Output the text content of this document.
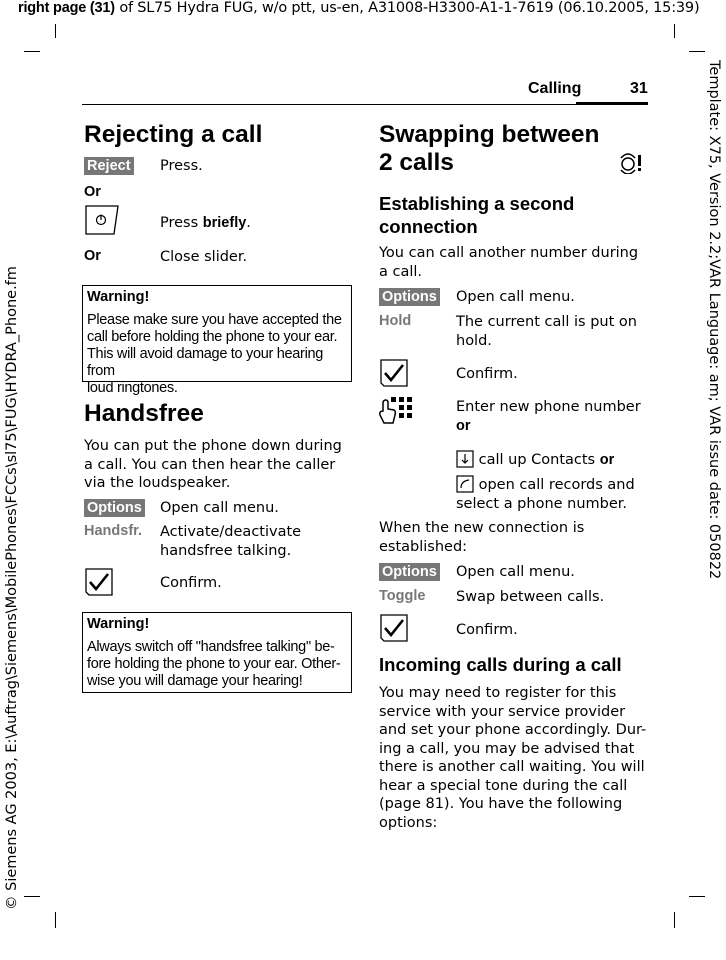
right page (31) of SL75 Hydra FUG, w/o ptt, us-en, A31008-H3300-A1-1-7619 (06.10.2005, 15:39)
© Siemens AG 2003, E:\Auftrag\Siemens\MobilePhones\FCCs\sl75\FUG\HYDRA_Phone.fm	Template: X75, Version 2.2;VAR Language: am; VAR issue date: 050822
Calling	31
Rejecting a call
Reject Press.
Or
Press briefly.
Or	Close slider.
Warning!
Please make sure you have accepted the
call before holding the phone to your ear.
This will avoid damage to your hearing from
loud ringtones.
Handsfree
You can put the phone down during
a call. You can then hear the caller
via the loudspeaker.
Options Open call menu.
Handsfr. Activate/deactivate
handsfree talking.
Confirm.
Warning!
Always switch off "handsfree talking" be-
fore holding the phone to your ear. Other-
wise you will damage your hearing!
Swapping between
2 calls
Establishing a second
connection
You can call another number during
a call.
Options Open call menu.
Hold	The current call is put on
hold.
Confirm.
Enter new phone number
or
call up Contacts or
open call records and
select a phone number.
When the new connection is
established:
Options Open call menu.
Toggle Swap between calls.
Confirm.
Incoming calls during a call
You may need to register for this
service with your service provider
and set your phone accordingly. Dur-
ing a call, you may be advised that
there is another call waiting. You will
hear a special tone during the call
(page 81). You have the following
options:
